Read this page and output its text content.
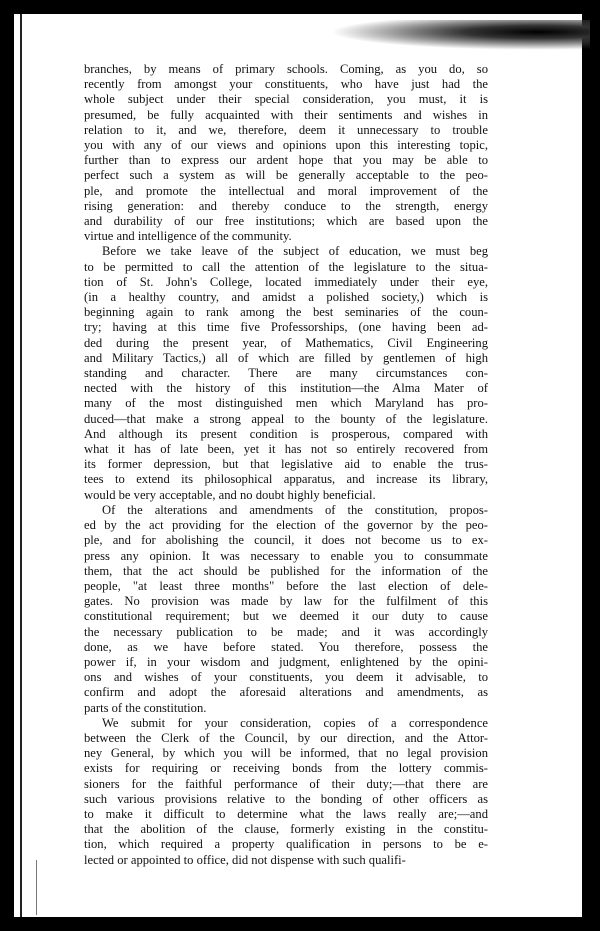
branches, by means of primary schools. Coming, as you do, so
recently from amongst your constituents, who have just had the
whole subject under their special consideration, you must, it is
presumed, be fully acquainted with their sentiments and wishes in
relation to it, and we, therefore, deem it unnecessary to trouble
you with any of our views and opinions upon this interesting topic,
further than to express our ardent hope that you may be able to
perfect such a system as will be generally acceptable to the peo-
ple, and promote the intellectual and moral improvement of the
rising generation: and thereby conduce to the strength, energy
and durability of our free institutions; which are based upon the
virtue and intelligence of the community.

Before we take leave of the subject of education, we must beg
to be permitted to call the attention of the legislature to the situa-
tion of St. John's College, located immediately under their eye,
(in a healthy country, and amidst a polished society,) which is
beginning again to rank among the best seminaries of the coun-
try; having at this time five Professorships, (one having been ad-
ded during the present year, of Mathematics, Civil Engineering
and Military Tactics,) all of which are filled by gentlemen of high
standing and character. There are many circumstances con-
nected with the history of this institution—the Alma Mater of
many of the most distinguished men which Maryland has pro-
duced—that make a strong appeal to the bounty of the legislature.
And although its present condition is prosperous, compared with
what it has of late been, yet it has not so entirely recovered from
its former depression, but that legislative aid to enable the trus-
tees to extend its philosophical apparatus, and increase its library,
would be very acceptable, and no doubt highly beneficial.

Of the alterations and amendments of the constitution, propos-
ed by the act providing for the election of the governor by the peo-
ple, and for abolishing the council, it does not become us to ex-
press any opinion. It was necessary to enable you to consummate
them, that the act should be published for the information of the
people, "at least three months" before the last election of dele-
gates. No provision was made by law for the fulfilment of this
constitutional requirement; but we deemed it our duty to cause
the necessary publication to be made; and it was accordingly
done, as we have before stated. You therefore, possess the
power if, in your wisdom and judgment, enlightened by the opini-
ons and wishes of your constituents, you deem it advisable, to
confirm and adopt the aforesaid alterations and amendments, as
parts of the constitution.

We submit for your consideration, copies of a correspondence
between the Clerk of the Council, by our direction, and the Attor-
ney General, by which you will be informed, that no legal provision
exists for requiring or receiving bonds from the lottery commis-
sioners for the faithful performance of their duty;—that there are
such various provisions relative to the bonding of other officers as
to make it difficult to determine what the laws really are;—and
that the abolition of the clause, formerly existing in the constitu-
tion, which required a property qualification in persons to be e-
lected or appointed to office, did not dispense with such qualifi-
